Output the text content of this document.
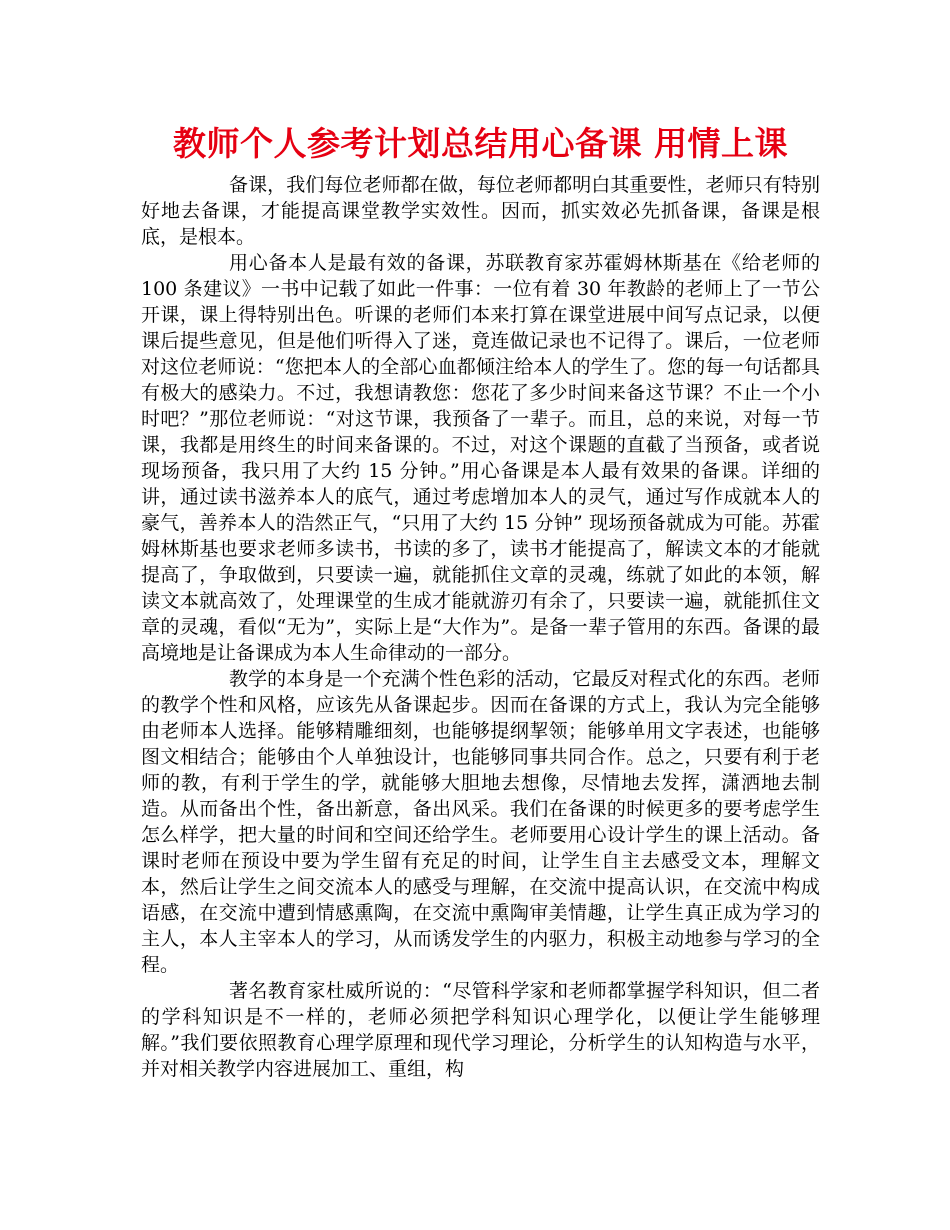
教师个人参考计划总结用心备课 用情上课

备课，我们每位老师都在做，每位老师都明白其重要性，老师只有特别好地去备课，才能提高课堂教学实效性。因而，抓实效必先抓备课，备课是根底，是根本。

用心备本人是最有效的备课，苏联教育家苏霍姆林斯基在《给老师的 100 条建议》一书中记载了如此一件事：一位有着 30 年教龄的老师上了一节公开课，课上得特别出色。听课的老师们本来打算在课堂进展中间写点记录，以便课后提些意见，但是他们听得入了迷，竟连做记录也不记得了。课后，一位老师对这位老师说：“您把本人的全部心血都倾注给本人的学生了。您的每一句话都具有极大的感染力。不过，我想请教您：您花了多少时间来备这节课？不止一个小时吧？”那位老师说：“对这节课，我预备了一辈子。而且，总的来说，对每一节课，我都是用终生的时间来备课的。不过，对这个课题的直截了当预备，或者说现场预备，我只用了大约 15 分钟。”用心备课是本人最有效果的备课。详细的讲，通过读书滋养本人的底气，通过考虑增加本人的灵气，通过写作成就本人的豪气，善养本人的浩然正气，“只用了大约 15 分钟” 现场预备就成为可能。苏霍姆林斯基也要求老师多读书，书读的多了，读书才能提高了，解读文本的才能就提高了，争取做到，只要读一遍，就能抓住文章的灵魂，练就了如此的本领，解读文本就高效了，处理课堂的生成才能就游刃有余了，只要读一遍，就能抓住文章的灵魂，看似“无为”，实际上是“大作为”。是备一辈子管用的东西。备课的最高境地是让备课成为本人生命律动的一部分。

教学的本身是一个充满个性色彩的活动，它最反对程式化的东西。老师的教学个性和风格，应该先从备课起步。因而在备课的方式上，我认为完全能够由老师本人选择。能够精雕细刻，也能够提纲挈领；能够单用文字表述，也能够图文相结合；能够由个人单独设计，也能够同事共同合作。总之，只要有利于老师的教，有利于学生的学，就能够大胆地去想像，尽情地去发挥，潇洒地去制造。从而备出个性，备出新意，备出风采。我们在备课的时候更多的要考虑学生怎么样学，把大量的时间和空间还给学生。老师要用心设计学生的课上活动。备课时老师在预设中要为学生留有充足的时间，让学生自主去感受文本，理解文本，然后让学生之间交流本人的感受与理解，在交流中提高认识，在交流中构成语感，在交流中遭到情感熏陶，在交流中熏陶审美情趣，让学生真正成为学习的主人，本人主宰本人的学习，从而诱发学生的内驱力，积极主动地参与学习的全程。

著名教育家杜威所说的：“尽管科学家和老师都掌握学科知识，但二者的学科知识是不一样的，老师必须把学科知识心理学化，以便让学生能够理解。”我们要依照教育心理学原理和现代学习理论，分析学生的认知构造与水平，并对相关教学内容进展加工、重组，构
